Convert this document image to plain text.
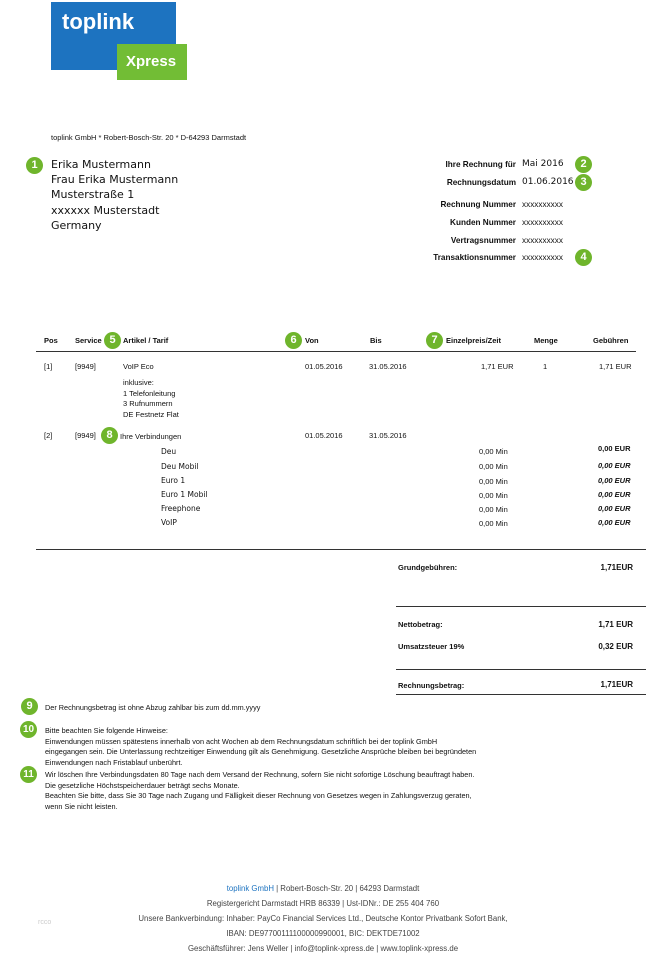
toplink
Xpress
toplink GmbH * Robert-Bosch-Str. 20 * D-64293 Darmstadt
Erika Mustermann
Frau Erika Mustermann
Musterstraße 1
xxxxxx Musterstadt
Germany
1	2
3
4
5	6	7
8
9
10
11
Ihre Rechnung für Mai 2016
Rechnungsdatum 01.06.2016
Rechnung Nummer xxxxxxxxxx
Kunden Nummer xxxxxxxxxx
Vertragsnummer xxxxxxxxxx
Transaktionsnummer xxxxxxxxxx
Pos Service	Artikel / Tarif	Von	Bis	Einzelpreis/Zeit	Menge	Gebühren
[1]	[9949]	VoIP Eco	01.05.2016	31.05.2016	1,71 EUR	1	1,71 EUR
inklusive:
1 Telefonleitung
3 Rufnummern
DE Festnetz Flat
[2]	[9949]	Ihre Verbindungen	01.05.2016	31.05.2016
Deu	0,00 Min	0,00 EUR
Deu Mobil	0,00 Min	0,00 EUR
Euro 1	0,00 Min	0,00 EUR
Euro 1 Mobil	0,00 Min	0,00 EUR
Freephone	0,00 Min	0,00 EUR
VoIP	0,00 Min	0,00 EUR
Grundgebühren:	1,71EUR
Nettobetrag:	1,71 EUR
Umsatzsteuer 19%	0,32 EUR
Rechnungsbetrag:	1,71EUR
Der Rechnungsbetrag ist ohne Abzug zahlbar bis zum dd.mm.yyyy
Bitte beachten Sie folgende Hinweise:
Einwendungen müssen spätestens innerhalb von acht Wochen ab dem Rechnungsdatum schriftlich bei der toplink GmbH
eingegangen sein. Die Unterlassung rechtzeitiger Einwendung gilt als Genehmigung. Gesetzliche Ansprüche bleiben bei begründeten
Einwendungen nach Fristablauf unberührt.
Wir löschen Ihre Verbindungsdaten 80 Tage nach dem Versand der Rechnung, sofern Sie nicht sofortige Löschung beauftragt haben.
Die gesetzliche Höchstspeicherdauer beträgt sechs Monate.
Beachten Sie bitte, dass Sie 30 Tage nach Zugang und Fälligkeit dieser Rechnung von Gesetzes wegen in Zahlungsverzug geraten,
wenn Sie nicht leisten.
toplink GmbH | Robert-Bosch-Str. 20 | 64293 Darmstadt
Registergericht Darmstadt HRB 86339 | Ust-IDNr.: DE 255 404 760
Unsere Bankverbindung: Inhaber: PayCo Financial Services Ltd., Deutsche Kontor Privatbank Sofort Bank,
IBAN: DE97700111100000990001, BIC: DEKTDE71002
Geschäftsführer: Jens Weller | info@toplink-xpress.de | www.toplink-xpress.de
rcco
